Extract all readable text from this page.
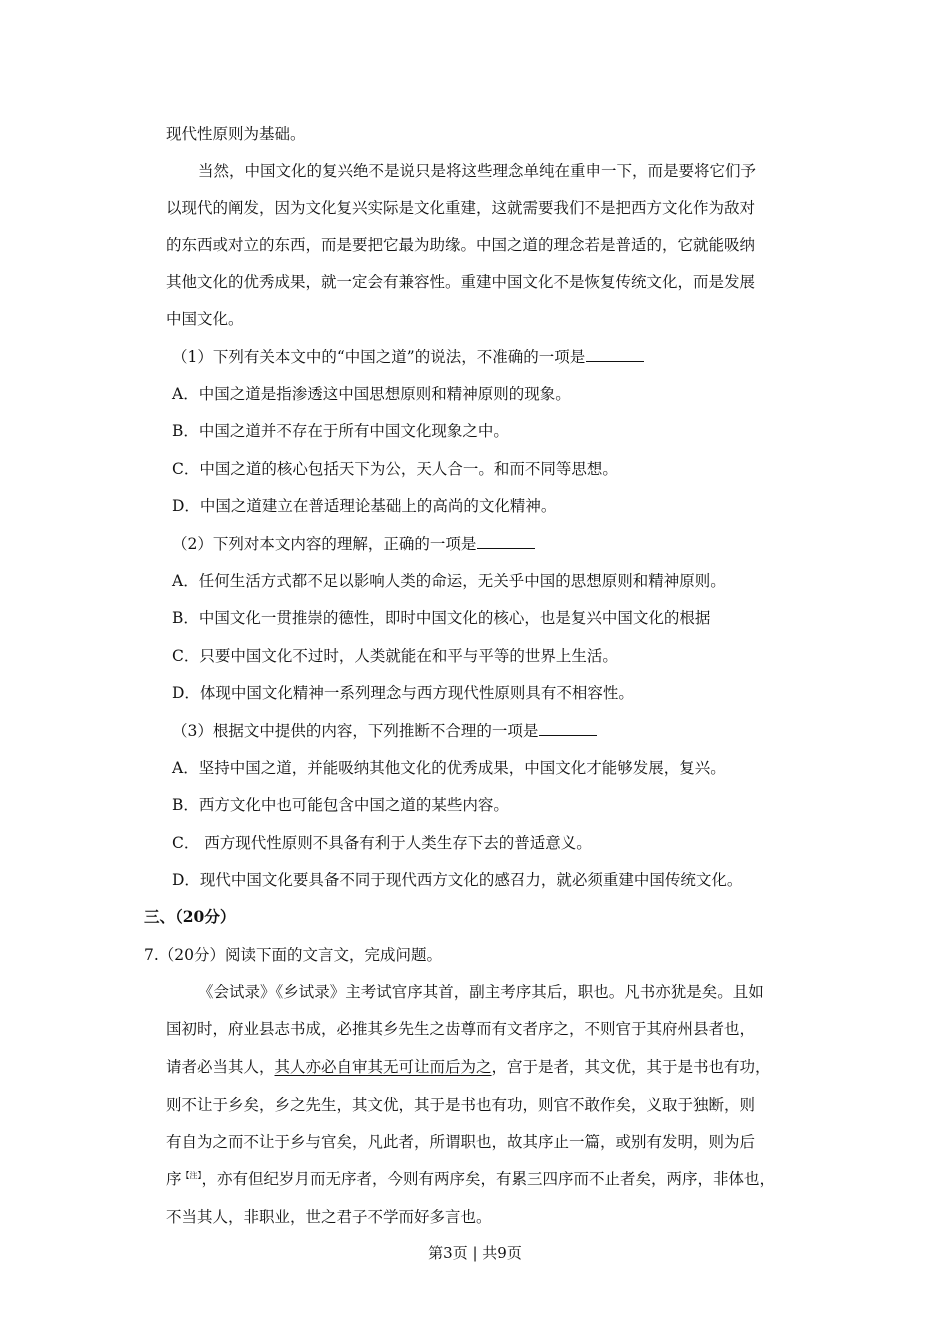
现代性原则为基础。
当然，中国文化的复兴绝不是说只是将这些理念单纯在重申一下，而是要将它们予
以现代的阐发，因为文化复兴实际是文化重建，这就需要我们不是把西方文化作为敌对
的东西或对立的东西，而是要把它最为助缘。中国之道的理念若是普适的，它就能吸纳
其他文化的优秀成果，就一定会有兼容性。重建中国文化不是恢复传统文化，而是发展
中国文化。
（1）下列有关本文中的“中国之道”的说法，不准确的一项是
A．中国之道是指渗透这中国思想原则和精神原则的现象。
B．中国之道并不存在于所有中国文化现象之中。
C．中国之道的核心包括天下为公，天人合一。和而不同等思想。
D．中国之道建立在普适理论基础上的高尚的文化精神。
（2）下列对本文内容的理解，正确的一项是
A．任何生活方式都不足以影响人类的命运，无关乎中国的思想原则和精神原则。
B．中国文化一贯推崇的德性，即时中国文化的核心，也是复兴中国文化的根据
C．只要中国文化不过时，人类就能在和平与平等的世界上生活。
D．体现中国文化精神一系列理念与西方现代性原则具有不相容性。
（3）根据文中提供的内容，下列推断不合理的一项是
A．坚持中国之道，并能吸纳其他文化的优秀成果，中国文化才能够发展，复兴。
B．西方文化中也可能包含中国之道的某些内容。
C． 西方现代性原则不具备有利于人类生存下去的普适意义。
D．现代中国文化要具备不同于现代西方文化的感召力，就必须重建中国传统文化。
三、（20分）
7.（20分）阅读下面的文言文，完成问题。
《会试录》《乡试录》主考试官序其首，副主考序其后，职也。凡书亦犹是矣。且如
国初时，府业县志书成，必推其乡先生之齿尊而有文者序之，不则官于其府州县者也，
请者必当其人，其人亦必自审其无可让而后为之，宫于是者，其文优，其于是书也有功，
则不让于乡矣，乡之先生，其文优，其于是书也有功，则官不敢作矣，义取于独断，则
有自为之而不让于乡与官矣，凡此者，所谓职也，故其序止一篇，或别有发明，则为后
序$^{【注】}$，亦有但纪岁月而无序者，今则有两序矣，有累三四序而不止者矣，两序，非体也，
不当其人，非职业，世之君子不学而好多言也。
第3页 | 共9页
